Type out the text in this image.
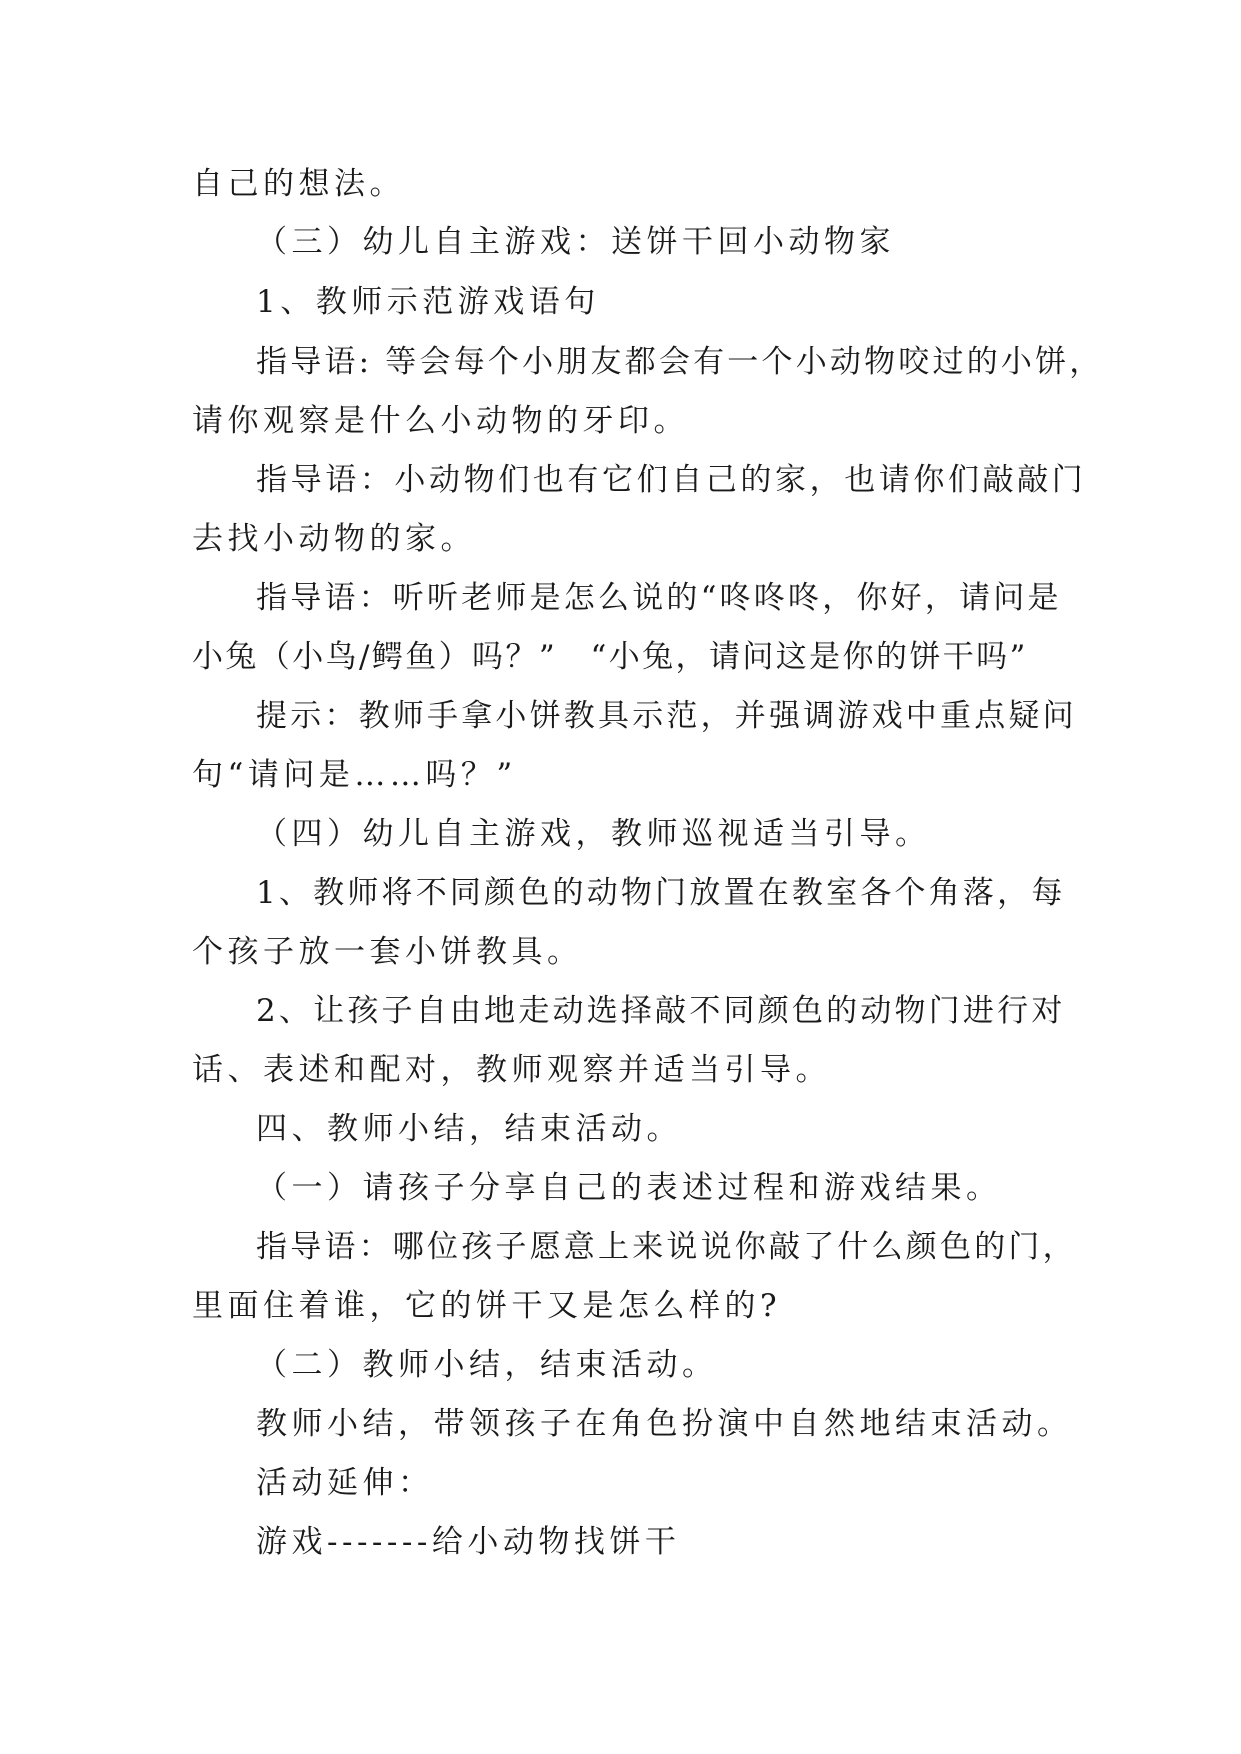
自己的想法。
（三）幼儿自主游戏：送饼干回小动物家
1、教师示范游戏语句
指导语: 等会每个小朋友都会有一个小动物咬过的小饼，
请你观察是什么小动物的牙印。
指导语：小动物们也有它们自己的家，也请你们敲敲门
去找小动物的家。
指导语：听听老师是怎么说的“咚咚咚，你好，请问是
小兔（小鸟/鳄鱼）吗？”　“小兔，请问这是你的饼干吗”
提示：教师手拿小饼教具示范，并强调游戏中重点疑问
句“请问是……吗？”
（四）幼儿自主游戏，教师巡视适当引导。
1、教师将不同颜色的动物门放置在教室各个角落，每
个孩子放一套小饼教具。
2、让孩子自由地走动选择敲不同颜色的动物门进行对
话、表述和配对，教师观察并适当引导。
四、教师小结，结束活动。
（一）请孩子分享自己的表述过程和游戏结果。
指导语：哪位孩子愿意上来说说你敲了什么颜色的门，
里面住着谁，它的饼干又是怎么样的?
（二）教师小结，结束活动。
教师小结，带领孩子在角色扮演中自然地结束活动。
活动延伸：
游戏-------给小动物找饼干
